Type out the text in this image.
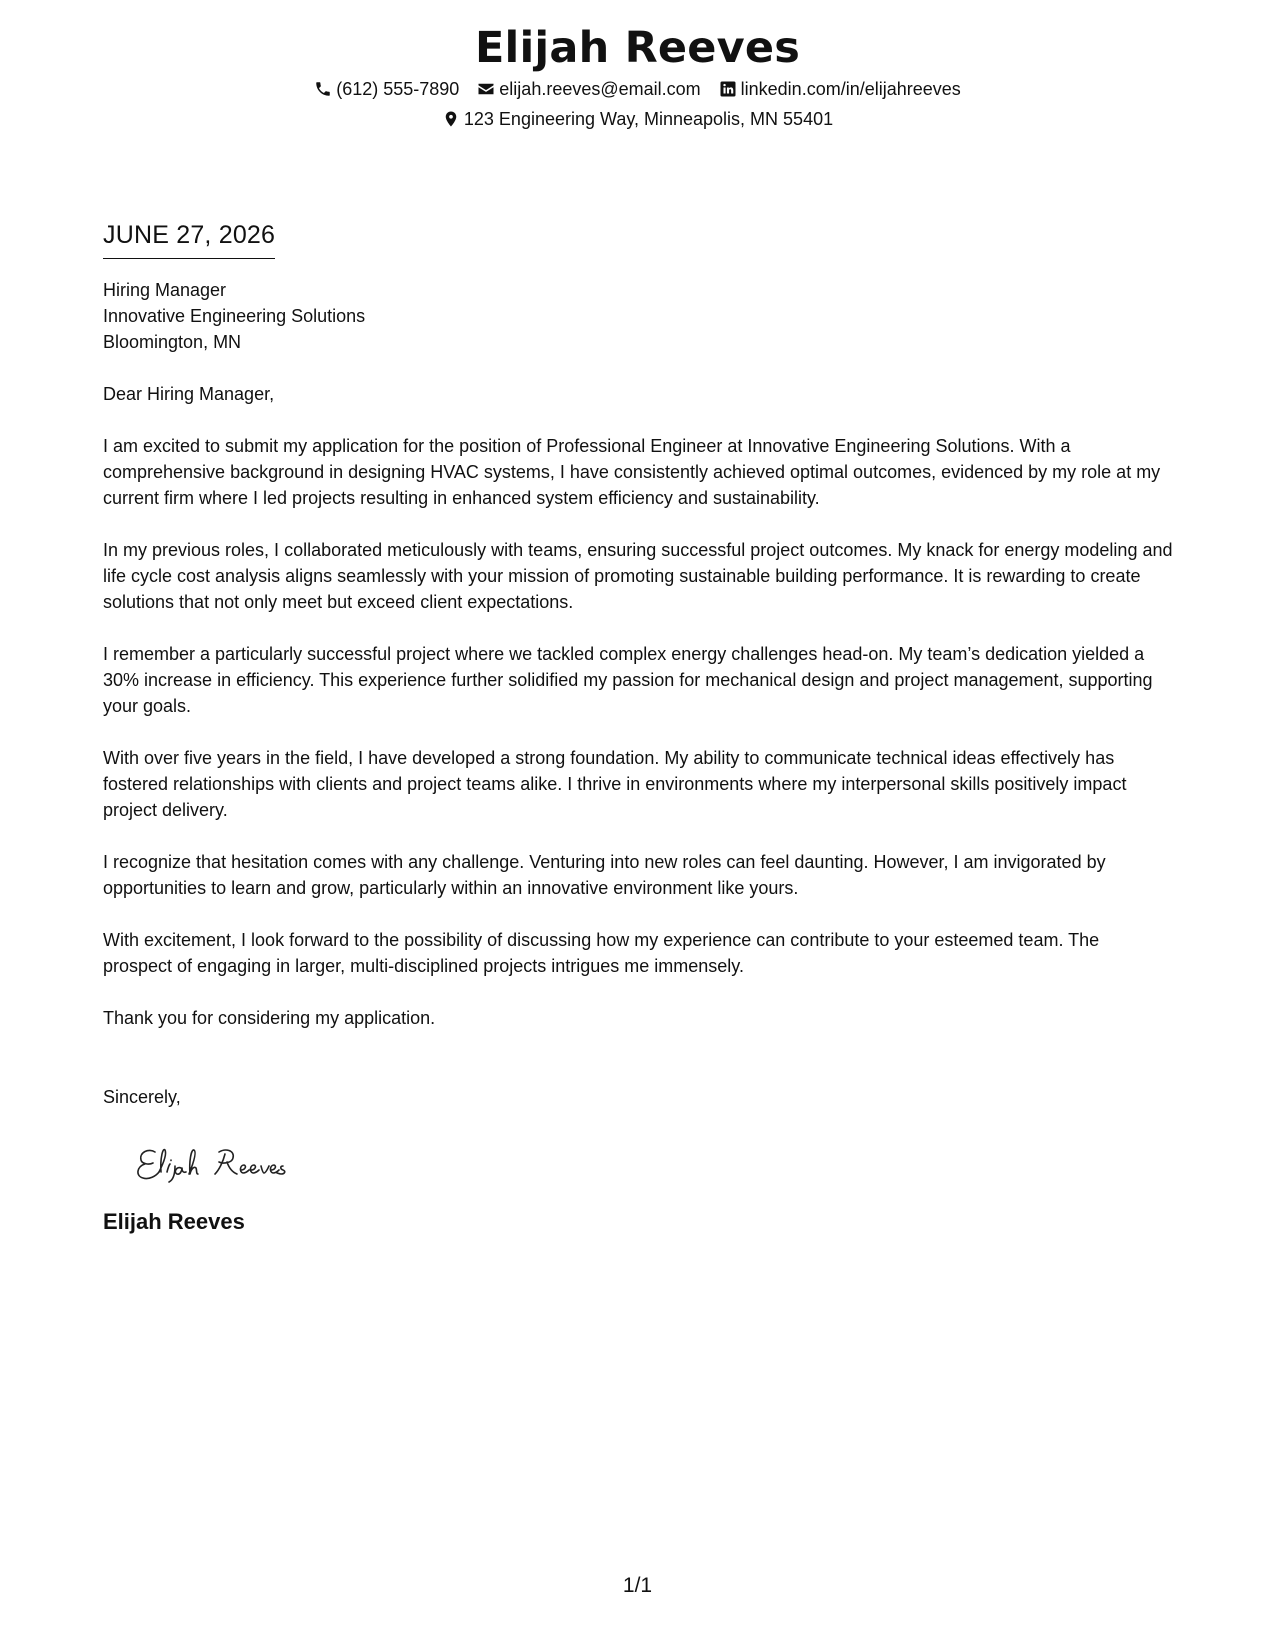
Elijah Reeves
(612) 555-7890 elijah.reeves@email.com linkedin.com/in/elijahreeves
123 Engineering Way, Minneapolis, MN 55401
JUNE 27, 2026
Hiring Manager
Innovative Engineering Solutions
Bloomington, MN
Dear Hiring Manager,

I am excited to submit my application for the position of Professional Engineer at Innovative Engineering Solutions. With a comprehensive background in designing HVAC systems, I have consistently achieved optimal outcomes, evidenced by my role at my current firm where I led projects resulting in enhanced system efficiency and sustainability.

In my previous roles, I collaborated meticulously with teams, ensuring successful project outcomes. My knack for energy modeling and life cycle cost analysis aligns seamlessly with your mission of promoting sustainable building performance. It is rewarding to create solutions that not only meet but exceed client expectations.

I remember a particularly successful project where we tackled complex energy challenges head-on. My team’s dedication yielded a 30% increase in efficiency. This experience further solidified my passion for mechanical design and project management, supporting your goals.

With over five years in the field, I have developed a strong foundation. My ability to communicate technical ideas effectively has fostered relationships with clients and project teams alike. I thrive in environments where my interpersonal skills positively impact project delivery.

I recognize that hesitation comes with any challenge. Venturing into new roles can feel daunting. However, I am invigorated by opportunities to learn and grow, particularly within an innovative environment like yours.

With excitement, I look forward to the possibility of discussing how my experience can contribute to your esteemed team. The prospect of engaging in larger, multi-disciplined projects intrigues me immensely.

Thank you for considering my application.

Sincerely,
Elijah Reeves
1/1
